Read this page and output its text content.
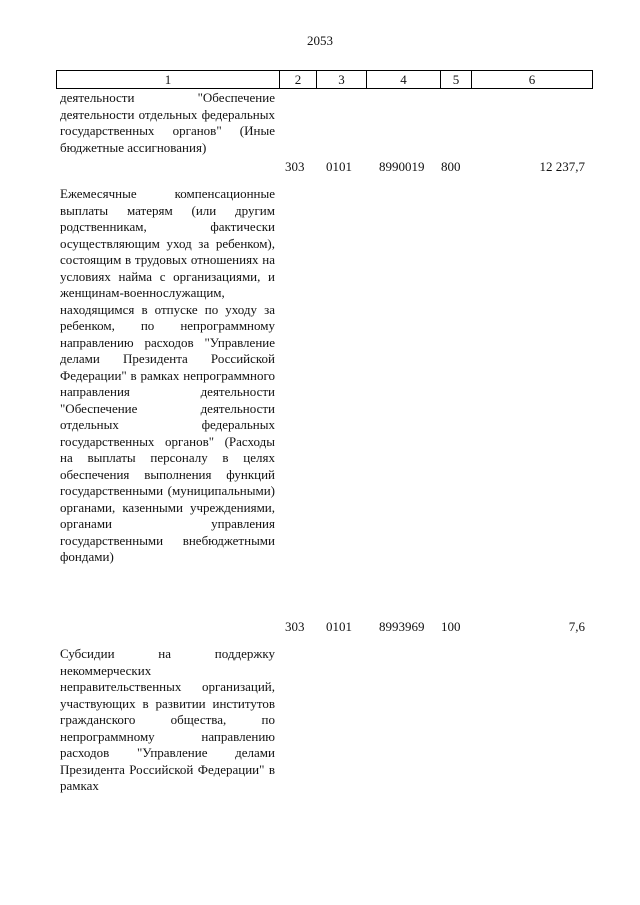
2053
1	2	3	4	5	6
деятельности "Обеспечение деятельности отдельных федеральных государственных органов" (Иные бюджетные ассигнования)
303 0101 8990019 800	12 237,7
Ежемесячные компенсационные выплаты матерям (или другим родственникам, фактически осуществляющим уход за ребенком), состоящим в трудовых отношениях на условиях найма с организациями, и женщинам-военнослужащим, находящимся в отпуске по уходу за ребенком, по непрограммному направлению расходов "Управление делами Президента Российской Федерации" в рамках непрограммного направления деятельности "Обеспечение деятельности отдельных федеральных государственных органов" (Расходы на выплаты персоналу в целях обеспечения выполнения функций государственными (муниципальными) органами, казенными учреждениями, органами управления государственными внебюджетными фондами)
303 0101 8993969 100	7,6
Субсидии на поддержку некоммерческих неправительственных организаций, участвующих в развитии институтов гражданского общества, по непрограммному направлению расходов "Управление делами Президента Российской Федерации" в рамках
